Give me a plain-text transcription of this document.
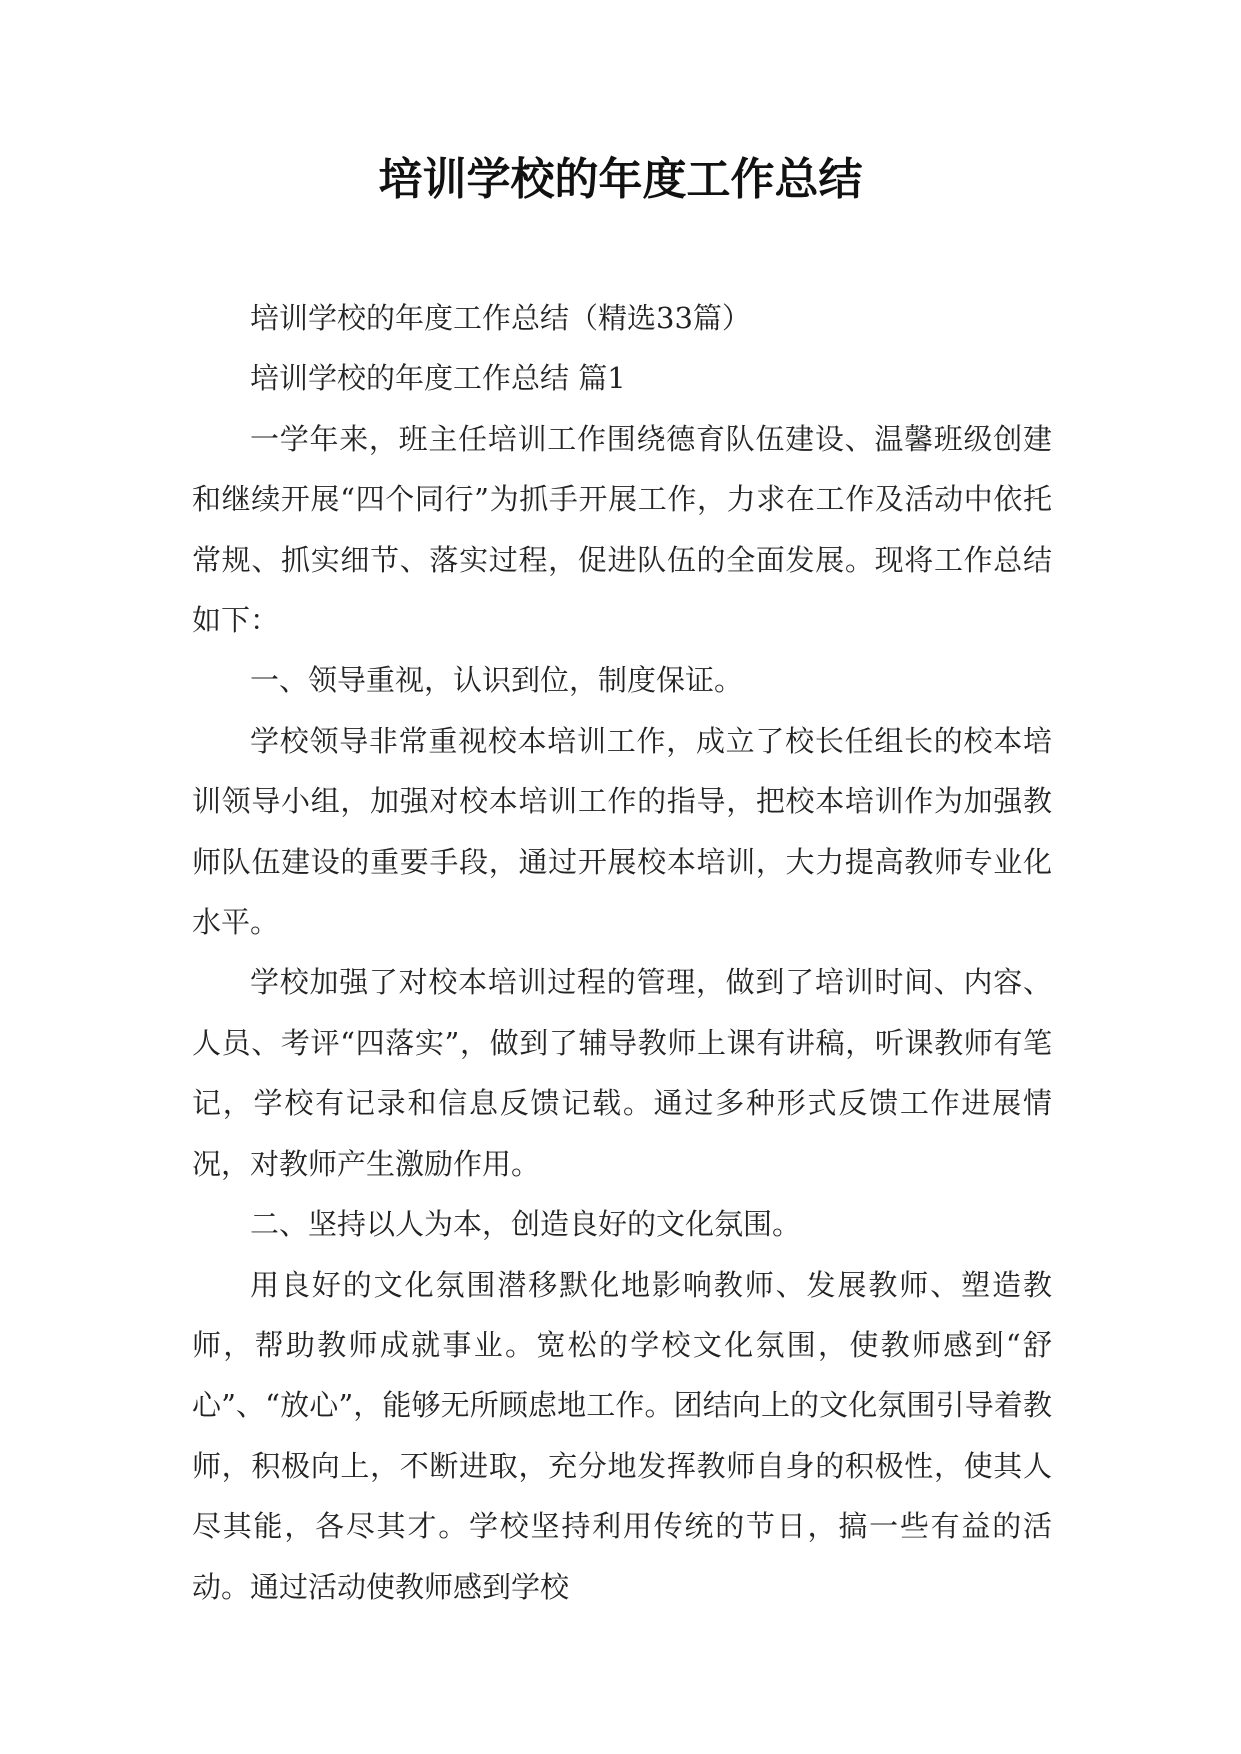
培训学校的年度工作总结

培训学校的年度工作总结（精选33篇）

培训学校的年度工作总结 篇1

一学年来，班主任培训工作围绕德育队伍建设、温馨班级创建和继续开展“四个同行”为抓手开展工作，力求在工作及活动中依托常规、抓实细节、落实过程，促进队伍的全面发展。现将工作总结如下：

一、领导重视，认识到位，制度保证。

学校领导非常重视校本培训工作，成立了校长任组长的校本培训领导小组，加强对校本培训工作的指导，把校本培训作为加强教师队伍建设的重要手段，通过开展校本培训，大力提高教师专业化水平。

学校加强了对校本培训过程的管理，做到了培训时间、内容、人员、考评“四落实”，做到了辅导教师上课有讲稿，听课教师有笔记，学校有记录和信息反馈记载。通过多种形式反馈工作进展情况，对教师产生激励作用。

二、坚持以人为本，创造良好的文化氛围。

用良好的文化氛围潜移默化地影响教师、发展教师、塑造教师，帮助教师成就事业。宽松的学校文化氛围，使教师感到“舒心”、“放心”，能够无所顾虑地工作。团结向上的文化氛围引导着教师，积极向上，不断进取，充分地发挥教师自身的积极性，使其人尽其能，各尽其才。学校坚持利用传统的节日，搞一些有益的活动。通过活动使教师感到学校
